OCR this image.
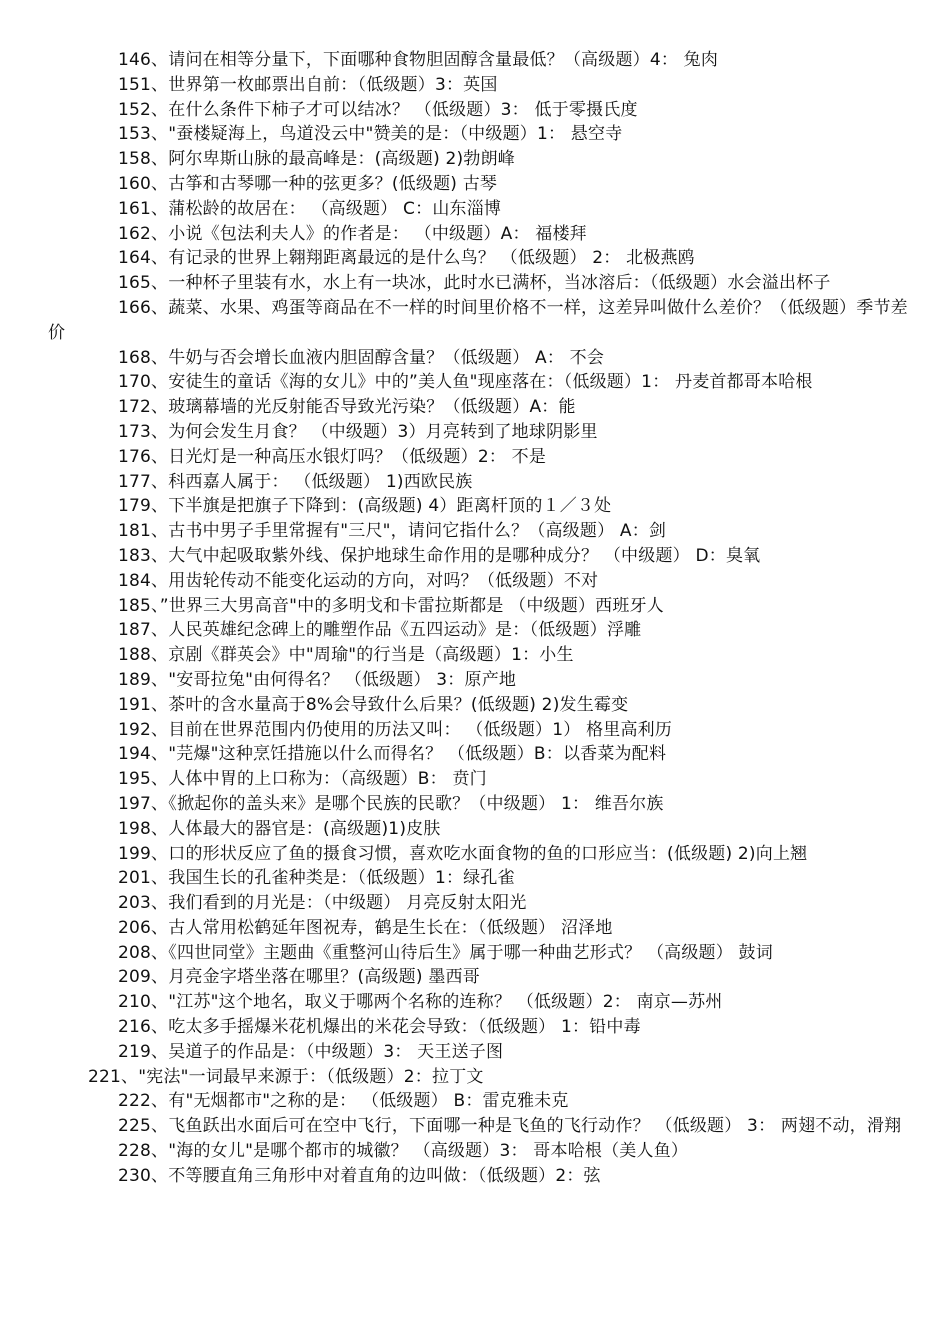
146、请问在相等分量下，下面哪种食物胆固醇含量最低？（高级题）4： 兔肉
151、世界第一枚邮票出自前：（低级题）3：英国
152、在什么条件下柿子才可以结冰？ （低级题）3： 低于零摄氏度
153、"蚕楼疑海上，鸟道没云中"赞美的是：（中级题）1： 悬空寺
158、阿尔卑斯山脉的最高峰是：(高级题) 2)勃朗峰
160、古筝和古琴哪一种的弦更多？(低级题) 古琴
161、蒲松龄的故居在： （高级题） C：山东淄博
162、小说《包法利夫人》的作者是： （中级题）A： 福楼拜
164、有记录的世界上翱翔距离最远的是什么鸟？ （低级题） 2： 北极燕鸥
165、一种杯子里装有水，水上有一块冰，此时水已满杯，当冰溶后：（低级题）水会溢出杯子
166、蔬菜、水果、鸡蛋等商品在不一样的时间里价格不一样，这差异叫做什么差价？（低级题）季节差价
168、牛奶与否会增长血液内胆固醇含量？（低级题） A： 不会
170、安徒生的童话《海的女儿》中的”美人鱼"现座落在：（低级题）1： 丹麦首都哥本哈根
172、玻璃幕墙的光反射能否导致光污染？（低级题）A：能
173、为何会发生月食？ （中级题）3）月亮转到了地球阴影里
176、日光灯是一种高压水银灯吗？（低级题）2： 不是
177、科西嘉人属于： （低级题） 1)西欧民族
179、下半旗是把旗子下降到：(高级题) 4）距离杆顶的１／３处
181、古书中男子手里常握有"三尺"，请问它指什么？（高级题） A：剑
183、大气中起吸取紫外线、保护地球生命作用的是哪种成分？ （中级题） D：臭氧
184、用齿轮传动不能变化运动的方向，对吗？（低级题）不对
185、”世界三大男高音"中的多明戈和卡雷拉斯都是 （中级题）西班牙人
187、人民英雄纪念碑上的雕塑作品《五四运动》是：（低级题）浮雕
188、京剧《群英会》中"周瑜"的行当是（高级题）1：小生
189、"安哥拉兔"由何得名？ （低级题） 3：原产地
191、茶叶的含水量高于8%会导致什么后果？(低级题) 2)发生霉变
192、目前在世界范围内仍使用的历法又叫： （低级题）1） 格里高利历
194、"芫爆"这种烹饪措施以什么而得名？ （低级题）B：以香菜为配料
195、人体中胃的上口称为：（高级题）B： 贲门
197、《掀起你的盖头来》是哪个民族的民歌？（中级题） 1： 维吾尔族
198、人体最大的器官是：(高级题)1)皮肤
199、口的形状反应了鱼的摄食习惯，喜欢吃水面食物的鱼的口形应当：(低级题) 2)向上翘
201、我国生长的孔雀种类是：（低级题）1：绿孔雀
203、我们看到的月光是：（中级题） 月亮反射太阳光
206、古人常用松鹤延年图祝寿，鹤是生长在：（低级题） 沼泽地
208、《四世同堂》主题曲《重整河山待后生》属于哪一种曲艺形式？ （高级题） 鼓词
209、月亮金字塔坐落在哪里？(高级题) 墨西哥
210、"江苏"这个地名，取义于哪两个名称的连称？ （低级题）2： 南京—苏州
216、吃太多手摇爆米花机爆出的米花会导致：（低级题） 1：铅中毒
219、吴道子的作品是：（中级题）3： 天王送子图
221、"宪法"一词最早来源于：（低级题）2：拉丁文
222、有"无烟都市"之称的是： （低级题） B：雷克雅未克
225、飞鱼跃出水面后可在空中飞行，下面哪一种是飞鱼的飞行动作？ （低级题） 3： 两翅不动，滑翔
228、"海的女儿"是哪个都市的城徽？ （高级题）3： 哥本哈根（美人鱼）
230、不等腰直角三角形中对着直角的边叫做：（低级题）2：弦
